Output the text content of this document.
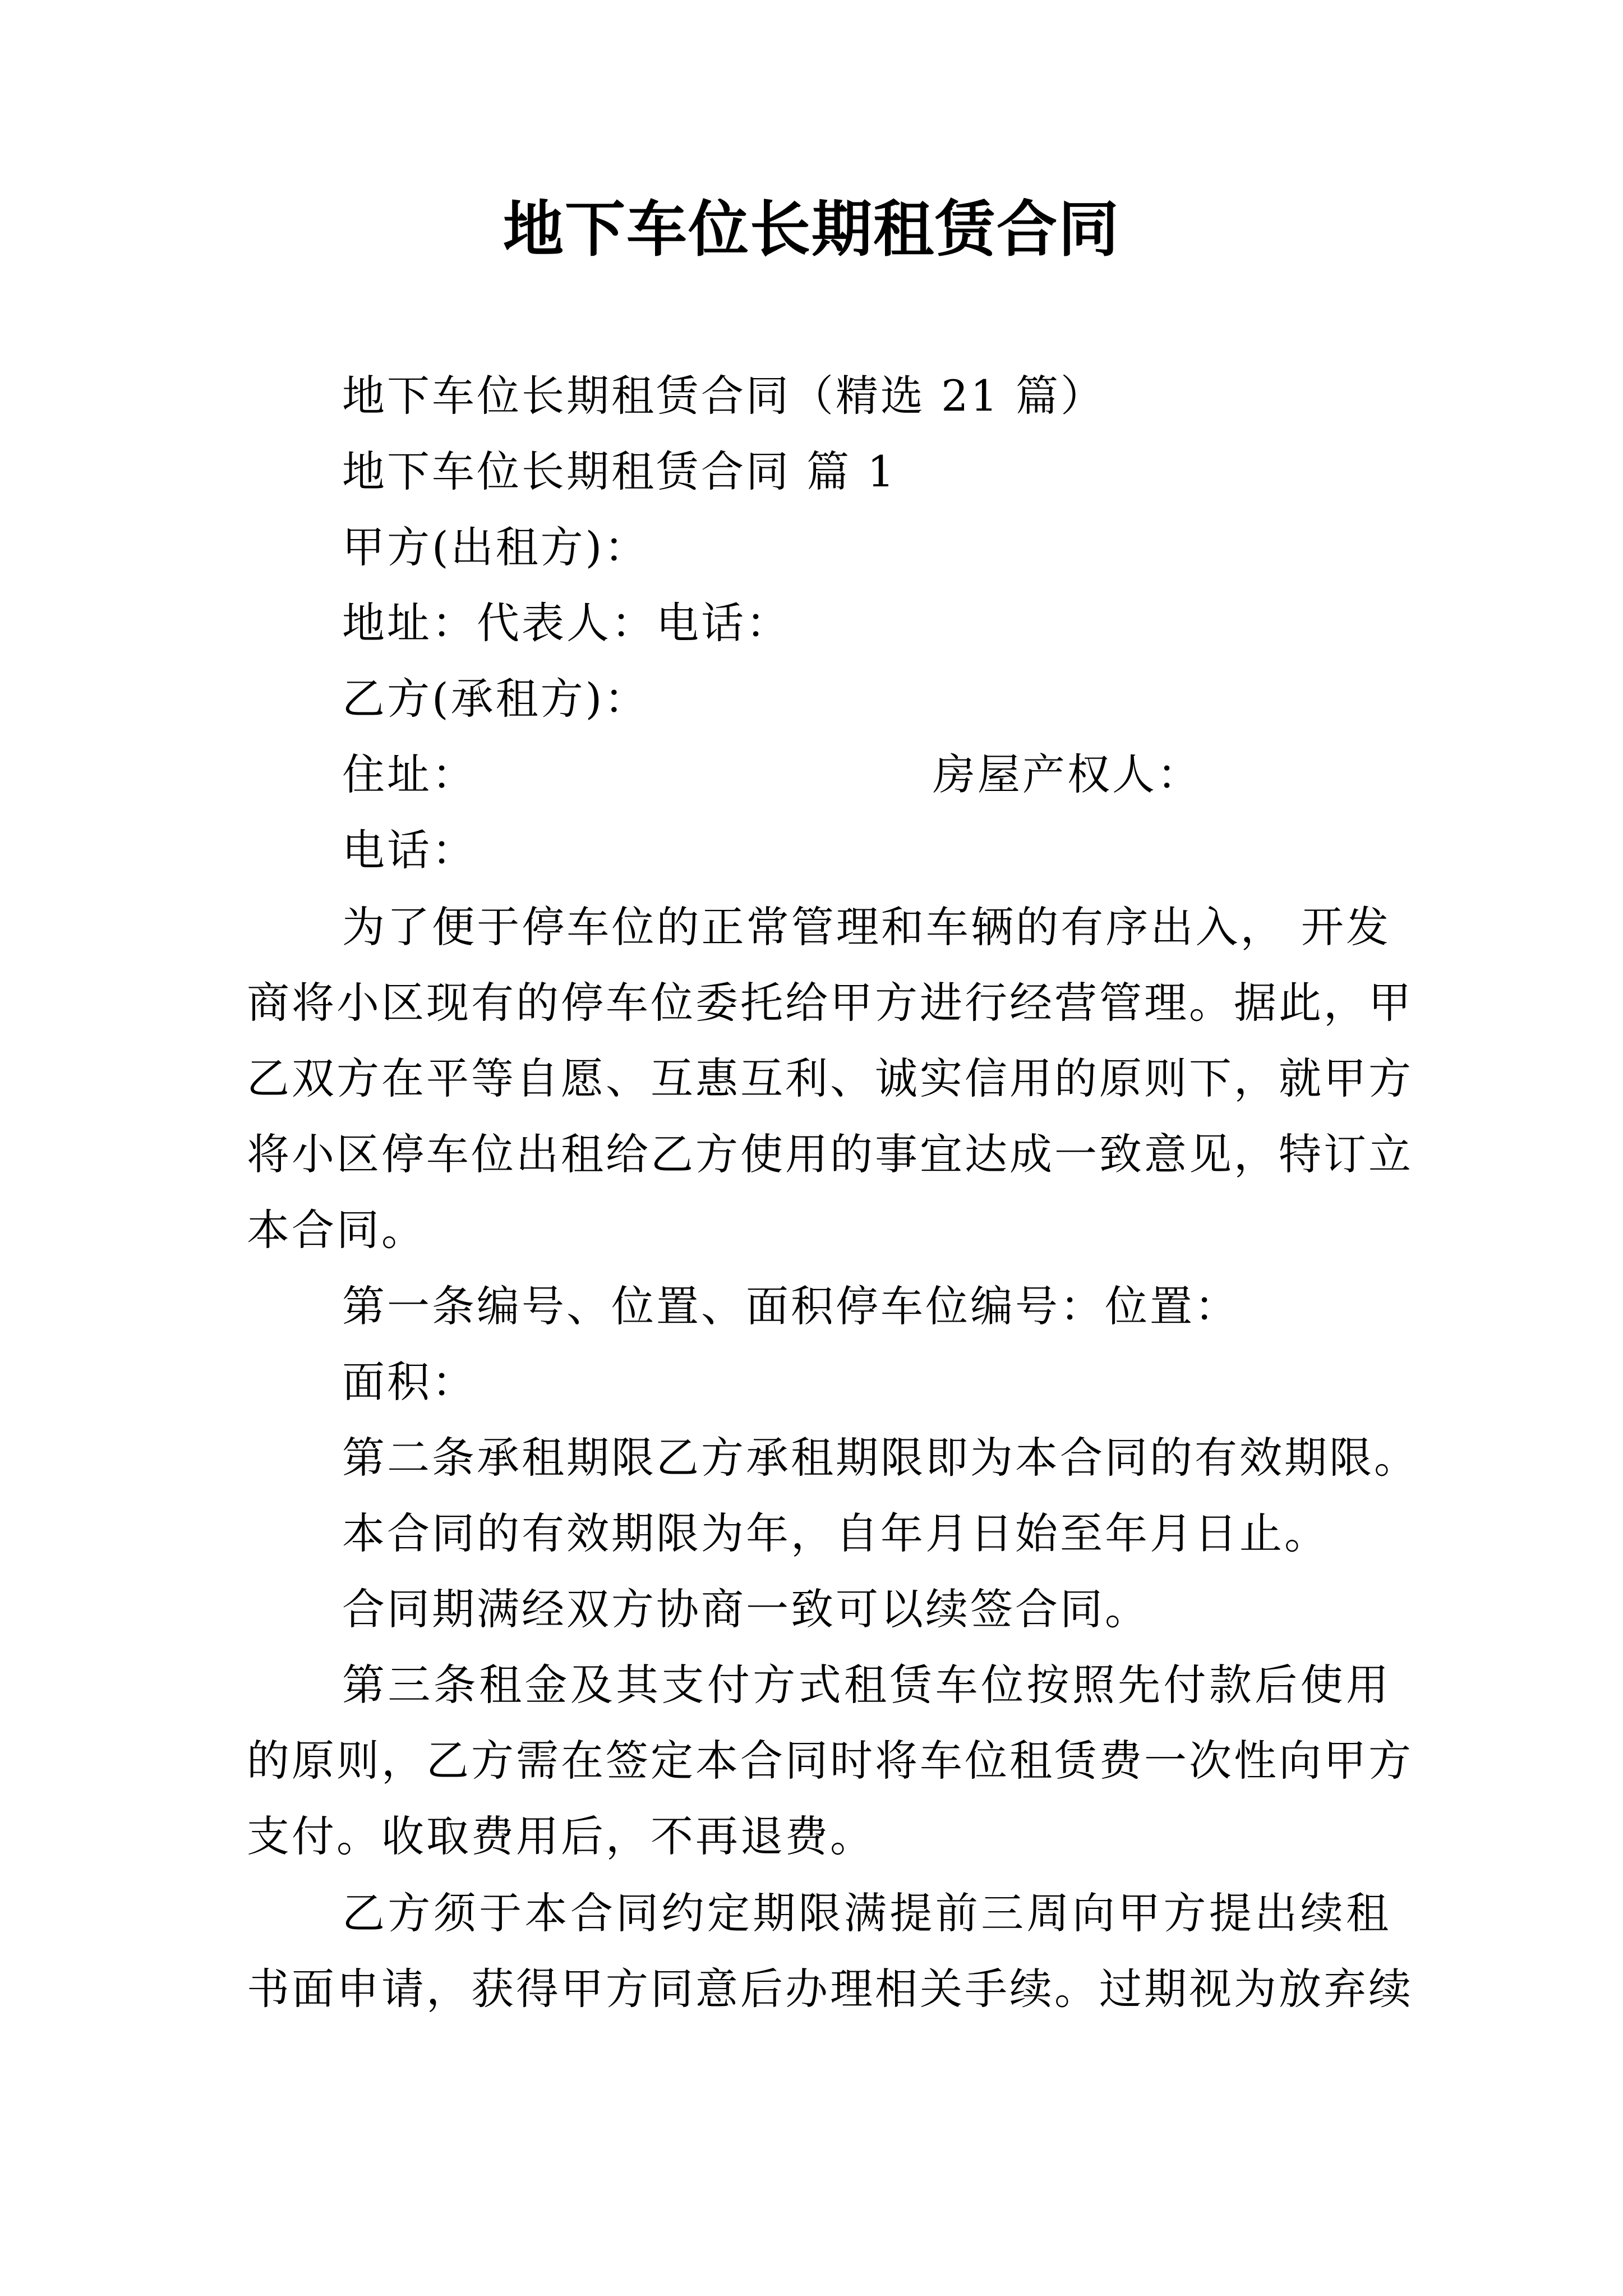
地下车位长期租赁合同
地下车位长期租赁合同（精选 21 篇）
地下车位长期租赁合同 篇 1
甲方(出租方)：
地址：代表人：电话：
乙方(承租方)：
住址：	房屋产权人：
电话：
为了便于停车位的正常管理和车辆的有序出入， 开发
商将小区现有的停车位委托给甲方进行经营管理。据此，甲
乙双方在平等自愿、互惠互利、诚实信用的原则下，就甲方
将小区停车位出租给乙方使用的事宜达成一致意见，特订立
本合同。
第一条编号、位置、面积停车位编号：位置：
面积：
第二条承租期限乙方承租期限即为本合同的有效期限。
本合同的有效期限为年，自年月日始至年月日止。
合同期满经双方协商一致可以续签合同。
第三条租金及其支付方式租赁车位按照先付款后使用
的原则，乙方需在签定本合同时将车位租赁费一次性向甲方
支付。收取费用后，不再退费。
乙方须于本合同约定期限满提前三周向甲方提出续租
书面申请，获得甲方同意后办理相关手续。过期视为放弃续
